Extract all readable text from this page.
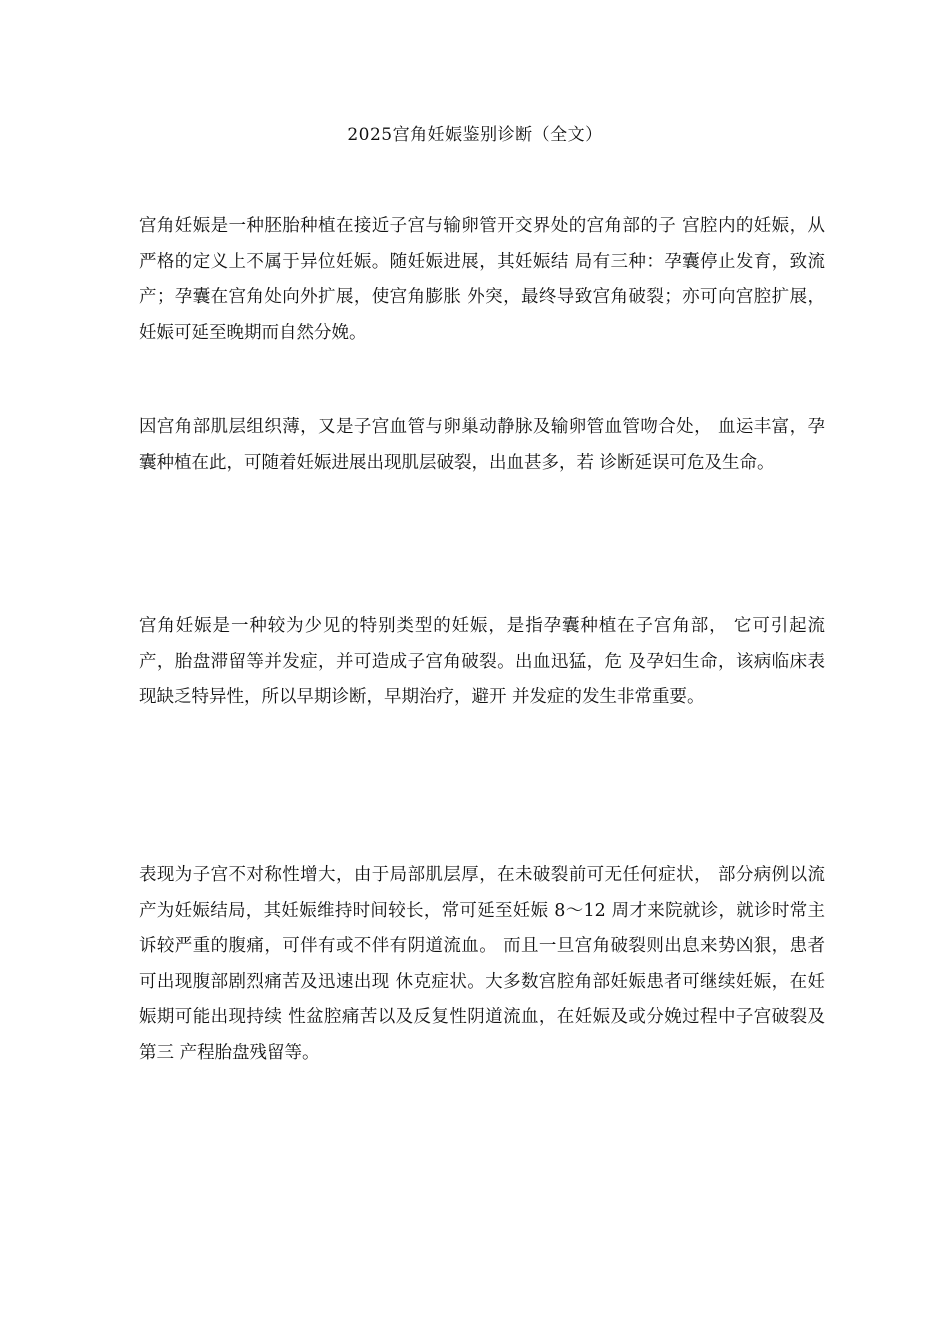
2025宫角妊娠鉴别诊断（全文）

宫角妊娠是一种胚胎种植在接近子宫与输卵管开交界处的宫角部的子 宫腔内的妊娠，从严格的定义上不属于异位妊娠。随妊娠进展，其妊娠结 局有三种：孕囊停止发育，致流产；孕囊在宫角处向外扩展，使宫角膨胀 外突，最终导致宫角破裂；亦可向宫腔扩展，妊娠可延至晚期而自然分娩。

因宫角部肌层组织薄，又是子宫血管与卵巢动静脉及输卵管血管吻合处， 血运丰富，孕囊种植在此，可随着妊娠进展出现肌层破裂，出血甚多，若 诊断延误可危及生命。

宫角妊娠是一种较为少见的特别类型的妊娠，是指孕囊种植在子宫角部， 它可引起流产，胎盘滞留等并发症，并可造成子宫角破裂。出血迅猛，危 及孕妇生命，该病临床表现缺乏特异性，所以早期诊断，早期治疗，避开 并发症的发生非常重要。

表现为子宫不对称性增大，由于局部肌层厚，在未破裂前可无任何症状， 部分病例以流产为妊娠结局，其妊娠维持时间较长，常可延至妊娠 8〜12 周才来院就诊，就诊时常主诉较严重的腹痛，可伴有或不伴有阴道流血。 而且一旦宫角破裂则出息来势凶狠，患者可出现腹部剧烈痛苦及迅速出现 休克症状。大多数宫腔角部妊娠患者可继续妊娠，在妊娠期可能出现持续 性盆腔痛苦以及反复性阴道流血，在妊娠及或分娩过程中子宫破裂及第三 产程胎盘残留等。
